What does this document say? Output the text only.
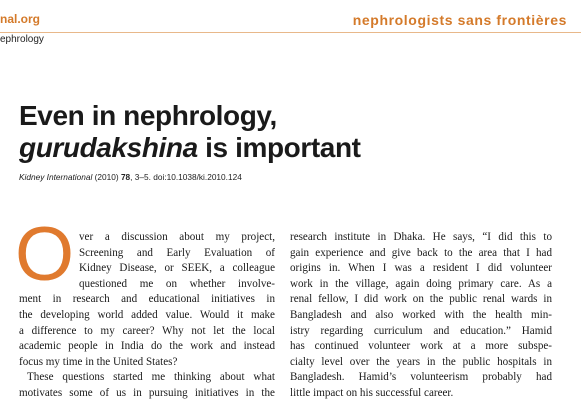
nal.org
ephrology
nephrologists sans frontières
Even in nephrology,
gurudakshina is important
Kidney International (2010) 78, 3–5. doi:10.1038/ki.2010.124
O ver a discussion about my project,
Screening and Early Evaluation of
Kidney Disease, or SEEK, a colleague
questioned me on whether involve-
ment in research and educational initiatives in
the developing world added value. Would it make
a difference to my career? Why not let the local
academic people in India do the work and instead
focus my time in the United States?
These questions started me thinking about what
motivates some of us in pursuing initiatives in the
research institute in Dhaka. He says, “I did this to
gain experience and give back to the area that I had
origins in. When I was a resident I did volunteer
work in the village, again doing primary care. As a
renal fellow, I did work on the public renal wards in
Bangladesh and also worked with the health min-
istry regarding curriculum and education.” Hamid
has continued volunteer work at a more subspe-
cialty level over the years in the public hospitals in
Bangladesh. Hamid’s volunteerism probably had
little impact on his successful career.
